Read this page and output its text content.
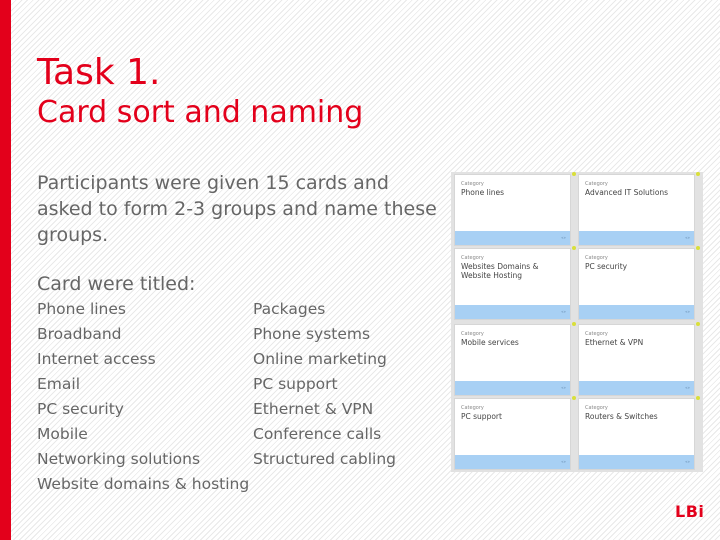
Task 1.
Card sort and naming

Participants were given 15 cards and asked to form 2-3 groups and name these groups.

Card were titled:
Phone lines
Broadband
Internet access
Email
PC security
Mobile
Networking solutions
Website domains & hosting
Packages
Phone systems
Online marketing
PC support
Ethernet & VPN
Conference calls
Structured cabling
Category
Phone lines
«»
Category
Advanced IT Solutions
«»
Category
Websites Domains & Website Hosting
«»
Category
PC security
«»
Category
Mobile services
«»
Category
Ethernet & VPN
«»
Category
PC support
«»
Category
Routers & Switches
«»
LBi
